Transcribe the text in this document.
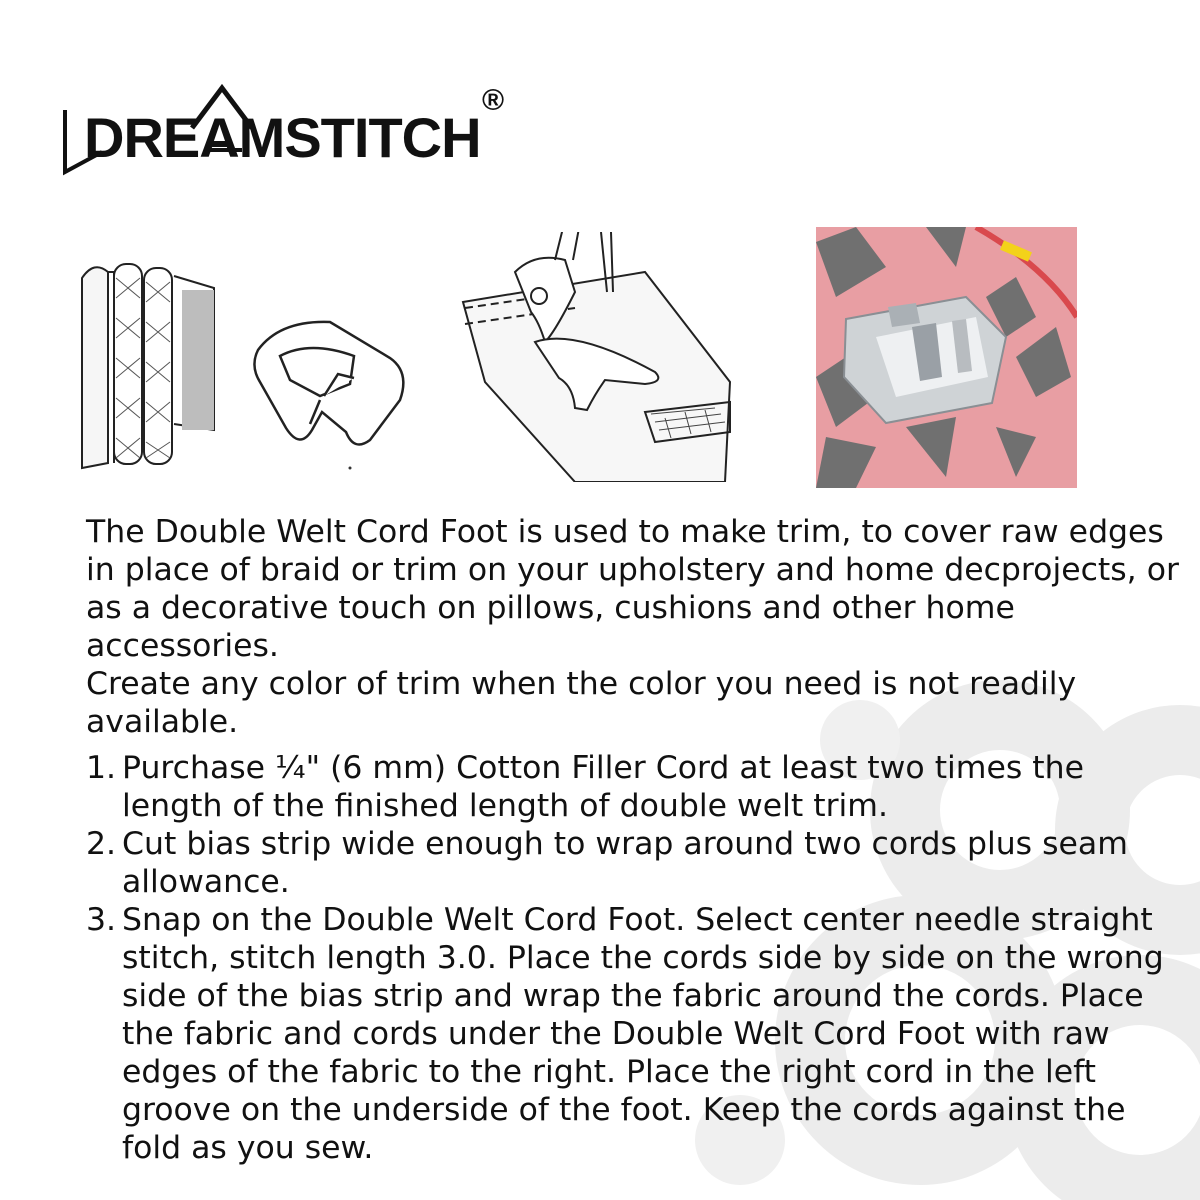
DREAMSTITCH
®

The Double Welt Cord Foot is used to make trim, to cover raw edges in place of braid or trim on your upholstery and home decprojects, or as a decorative touch on pillows, cushions and other home accessories.

Create any color of trim when the color you need is not readily available.

1. Purchase ¼" (6 mm) Cotton Filler Cord at least two times the length of the finished length of double welt trim.
2. Cut bias strip wide enough to wrap around two cords plus seam allowance.
3. Snap on the Double Welt Cord Foot. Select center needle straight stitch, stitch length 3.0. Place the cords side by side on the wrong side of the bias strip and wrap the fabric around the cords. Place the fabric and cords under the Double Welt Cord Foot with raw edges of the fabric to the right. Place the right cord in the left groove on the underside of the foot. Keep the cords against the fold as you sew.
